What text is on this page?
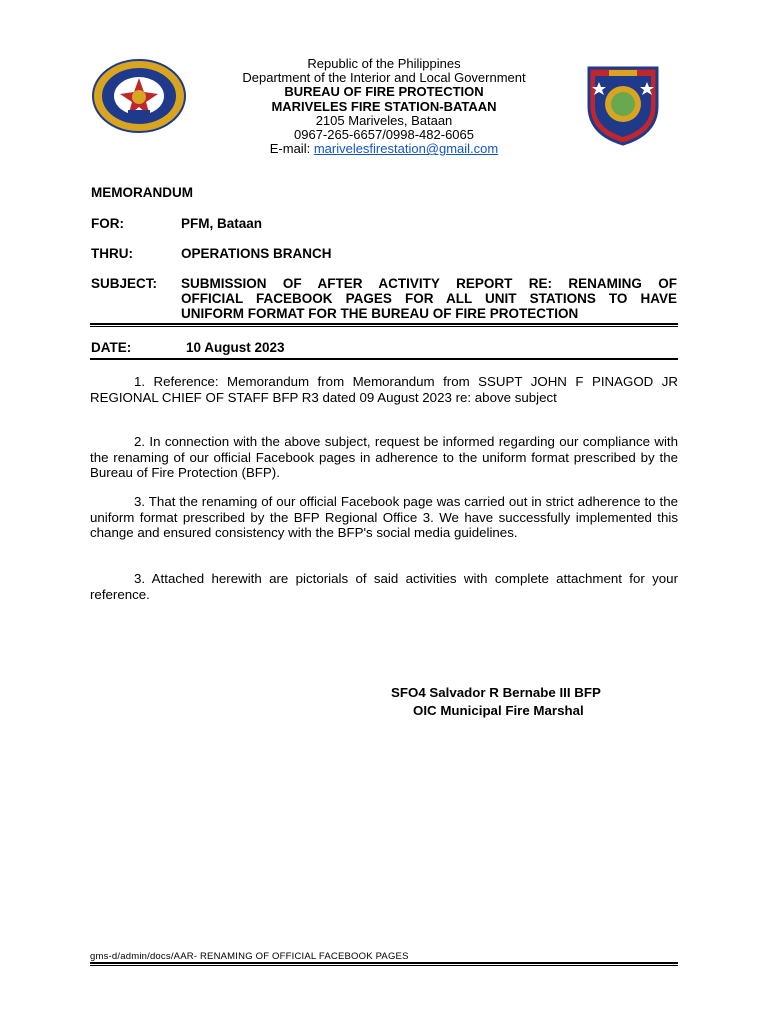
Republic of the Philippines
Department of the Interior and Local Government
BUREAU OF FIRE PROTECTION
MARIVELES FIRE STATION-BATAAN
2105 Mariveles, Bataan
0967-265-6657/0998-482-6065
E-mail: marivelesfirestation@gmail.com
MEMORANDUM
FOR:	PFM, Bataan
THRU:	OPERATIONS BRANCH
SUBJECT: SUBMISSION OF AFTER ACTIVITY REPORT RE: RENAMING OF
OFFICIAL FACEBOOK PAGES FOR ALL UNIT STATIONS TO HAVE
UNIFORM FORMAT FOR THE BUREAU OF FIRE PROTECTION
DATE:	10 August 2023
1. Reference: Memorandum from Memorandum from SSUPT JOHN F PINAGOD JR REGIONAL CHIEF OF STAFF BFP R3 dated 09 August 2023 re: above subject
2. In connection with the above subject, request be informed regarding our compliance with the renaming of our official Facebook pages in adherence to the uniform format prescribed by the Bureau of Fire Protection (BFP).
3. That the renaming of our official Facebook page was carried out in strict adherence to the uniform format prescribed by the BFP Regional Office 3. We have successfully implemented this change and ensured consistency with the BFP's social media guidelines.
3. Attached herewith are pictorials of said activities with complete attachment for your reference.
SFO4 Salvador R Bernabe III BFP
OIC Municipal Fire Marshal
gms-d/admin/docs/AAR- RENAMING OF OFFICIAL FACEBOOK PAGES
